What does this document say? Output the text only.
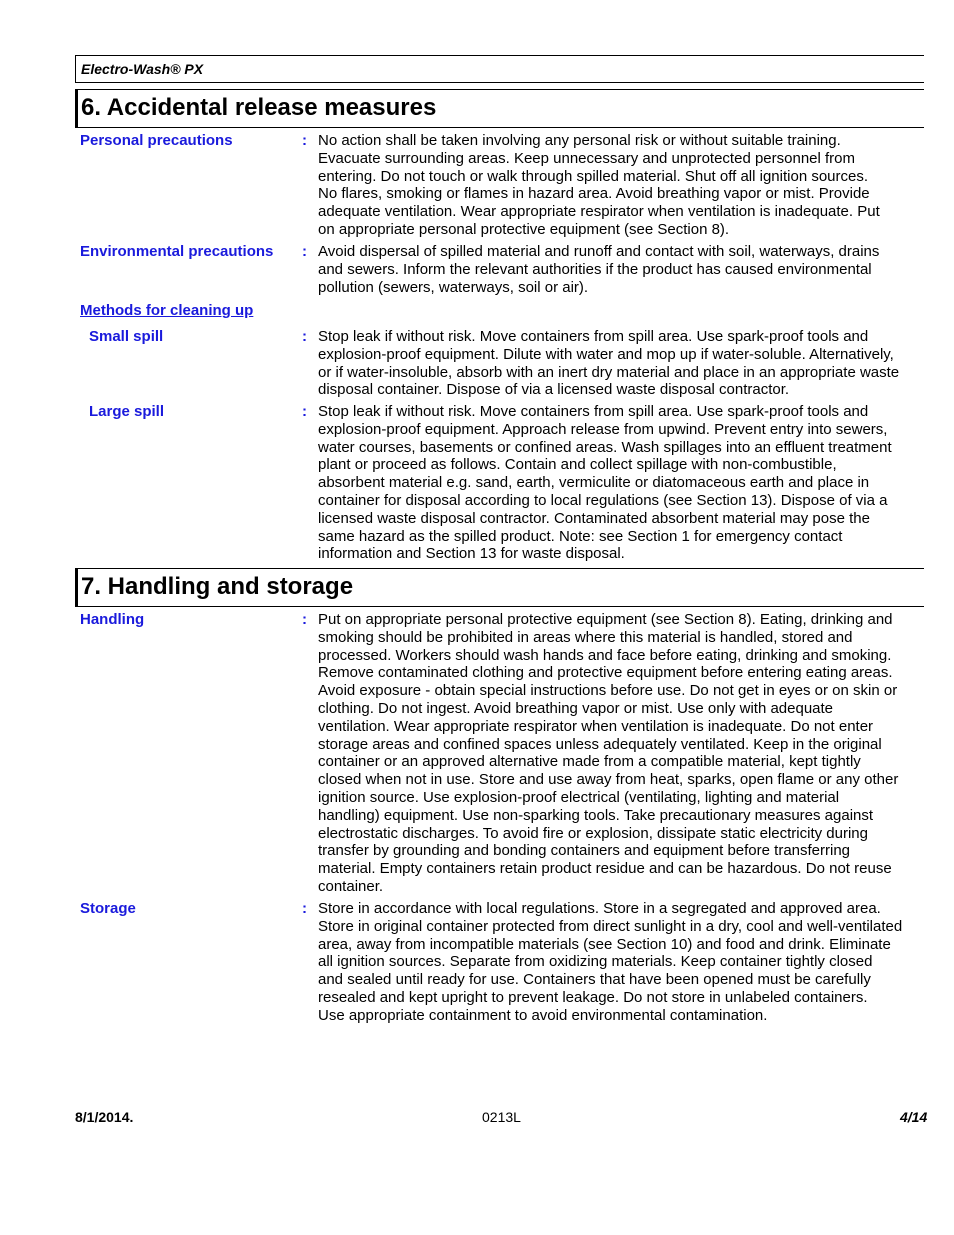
Electro-Wash® PX
6. Accidental release measures
Personal precautions	: No action shall be taken involving any personal risk or without suitable training.
Evacuate surrounding areas. Keep unnecessary and unprotected personnel from
entering. Do not touch or walk through spilled material. Shut off all ignition sources.
No flares, smoking or flames in hazard area. Avoid breathing vapor or mist. Provide
adequate ventilation. Wear appropriate respirator when ventilation is inadequate. Put
on appropriate personal protective equipment (see Section 8).
Environmental precautions	: Avoid dispersal of spilled material and runoff and contact with soil, waterways, drains
and sewers. Inform the relevant authorities if the product has caused environmental
pollution (sewers, waterways, soil or air).
Methods for cleaning up
Small spill	: Stop leak if without risk. Move containers from spill area. Use spark-proof tools and
explosion-proof equipment. Dilute with water and mop up if water-soluble. Alternatively,
or if water-insoluble, absorb with an inert dry material and place in an appropriate waste
disposal container. Dispose of via a licensed waste disposal contractor.
Large spill	: Stop leak if without risk. Move containers from spill area. Use spark-proof tools and
explosion-proof equipment. Approach release from upwind. Prevent entry into sewers,
water courses, basements or confined areas. Wash spillages into an effluent treatment
plant or proceed as follows. Contain and collect spillage with non-combustible,
absorbent material e.g. sand, earth, vermiculite or diatomaceous earth and place in
container for disposal according to local regulations (see Section 13). Dispose of via a
licensed waste disposal contractor. Contaminated absorbent material may pose the
same hazard as the spilled product. Note: see Section 1 for emergency contact
information and Section 13 for waste disposal.
7. Handling and storage
Handling	: Put on appropriate personal protective equipment (see Section 8). Eating, drinking and
smoking should be prohibited in areas where this material is handled, stored and
processed. Workers should wash hands and face before eating, drinking and smoking.
Remove contaminated clothing and protective equipment before entering eating areas.
Avoid exposure - obtain special instructions before use. Do not get in eyes or on skin or
clothing. Do not ingest. Avoid breathing vapor or mist. Use only with adequate
ventilation. Wear appropriate respirator when ventilation is inadequate. Do not enter
storage areas and confined spaces unless adequately ventilated. Keep in the original
container or an approved alternative made from a compatible material, kept tightly
closed when not in use. Store and use away from heat, sparks, open flame or any other
ignition source. Use explosion-proof electrical (ventilating, lighting and material
handling) equipment. Use non-sparking tools. Take precautionary measures against
electrostatic discharges. To avoid fire or explosion, dissipate static electricity during
transfer by grounding and bonding containers and equipment before transferring
material. Empty containers retain product residue and can be hazardous. Do not reuse
container.
Storage	: Store in accordance with local regulations. Store in a segregated and approved area.
Store in original container protected from direct sunlight in a dry, cool and well-ventilated
area, away from incompatible materials (see Section 10) and food and drink. Eliminate
all ignition sources. Separate from oxidizing materials. Keep container tightly closed
and sealed until ready for use. Containers that have been opened must be carefully
resealed and kept upright to prevent leakage. Do not store in unlabeled containers.
Use appropriate containment to avoid environmental contamination.
8/1/2014.	0213L	4/14
